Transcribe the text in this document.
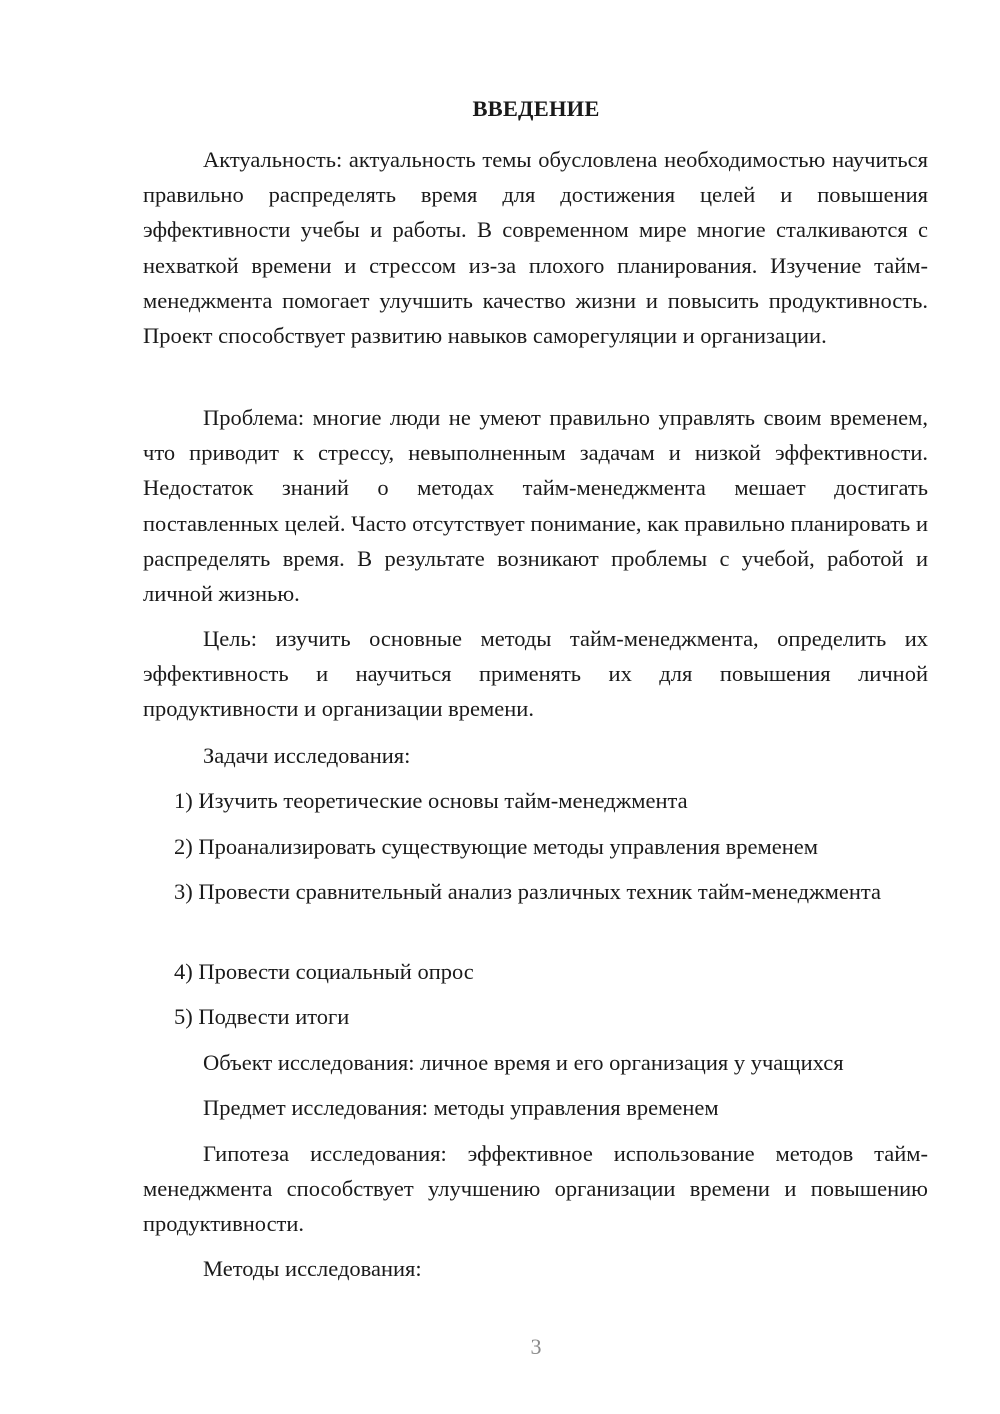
ВВЕДЕНИЕ

Актуальность: актуальность темы обусловлена необходимостью научиться правильно распределять время для достижения целей и повышения эффективности учебы и работы. В современном мире многие сталкиваются с нехваткой времени и стрессом из-за плохого планирования. Изучение тайм-менеджмента помогает улучшить качество жизни и повысить продуктивность. Проект способствует развитию навыков саморегуляции и организации.

Проблема: многие люди не умеют правильно управлять своим временем, что приводит к стрессу, невыполненным задачам и низкой эффективности. Недостаток знаний о методах тайм-менеджмента мешает достигать поставленных целей. Часто отсутствует понимание, как правильно планировать и распределять время. В результате возникают проблемы с учебой, работой и личной жизнью.

Цель: изучить основные методы тайм-менеджмента, определить их эффективность и научиться применять их для повышения личной продуктивности и организации времени.

Задачи исследования:

1) Изучить теоретические основы тайм-менеджмента

2) Проанализировать существующие методы управления временем

3) Провести сравнительный анализ различных техник тайм-менеджмента

4) Провести социальный опрос

5) Подвести итоги

Объект исследования: личное время и его организация у учащихся

Предмет исследования: методы управления временем

Гипотеза исследования: эффективное использование методов тайм-менеджмента способствует улучшению организации времени и повышению продуктивности.

Методы исследования:

3
